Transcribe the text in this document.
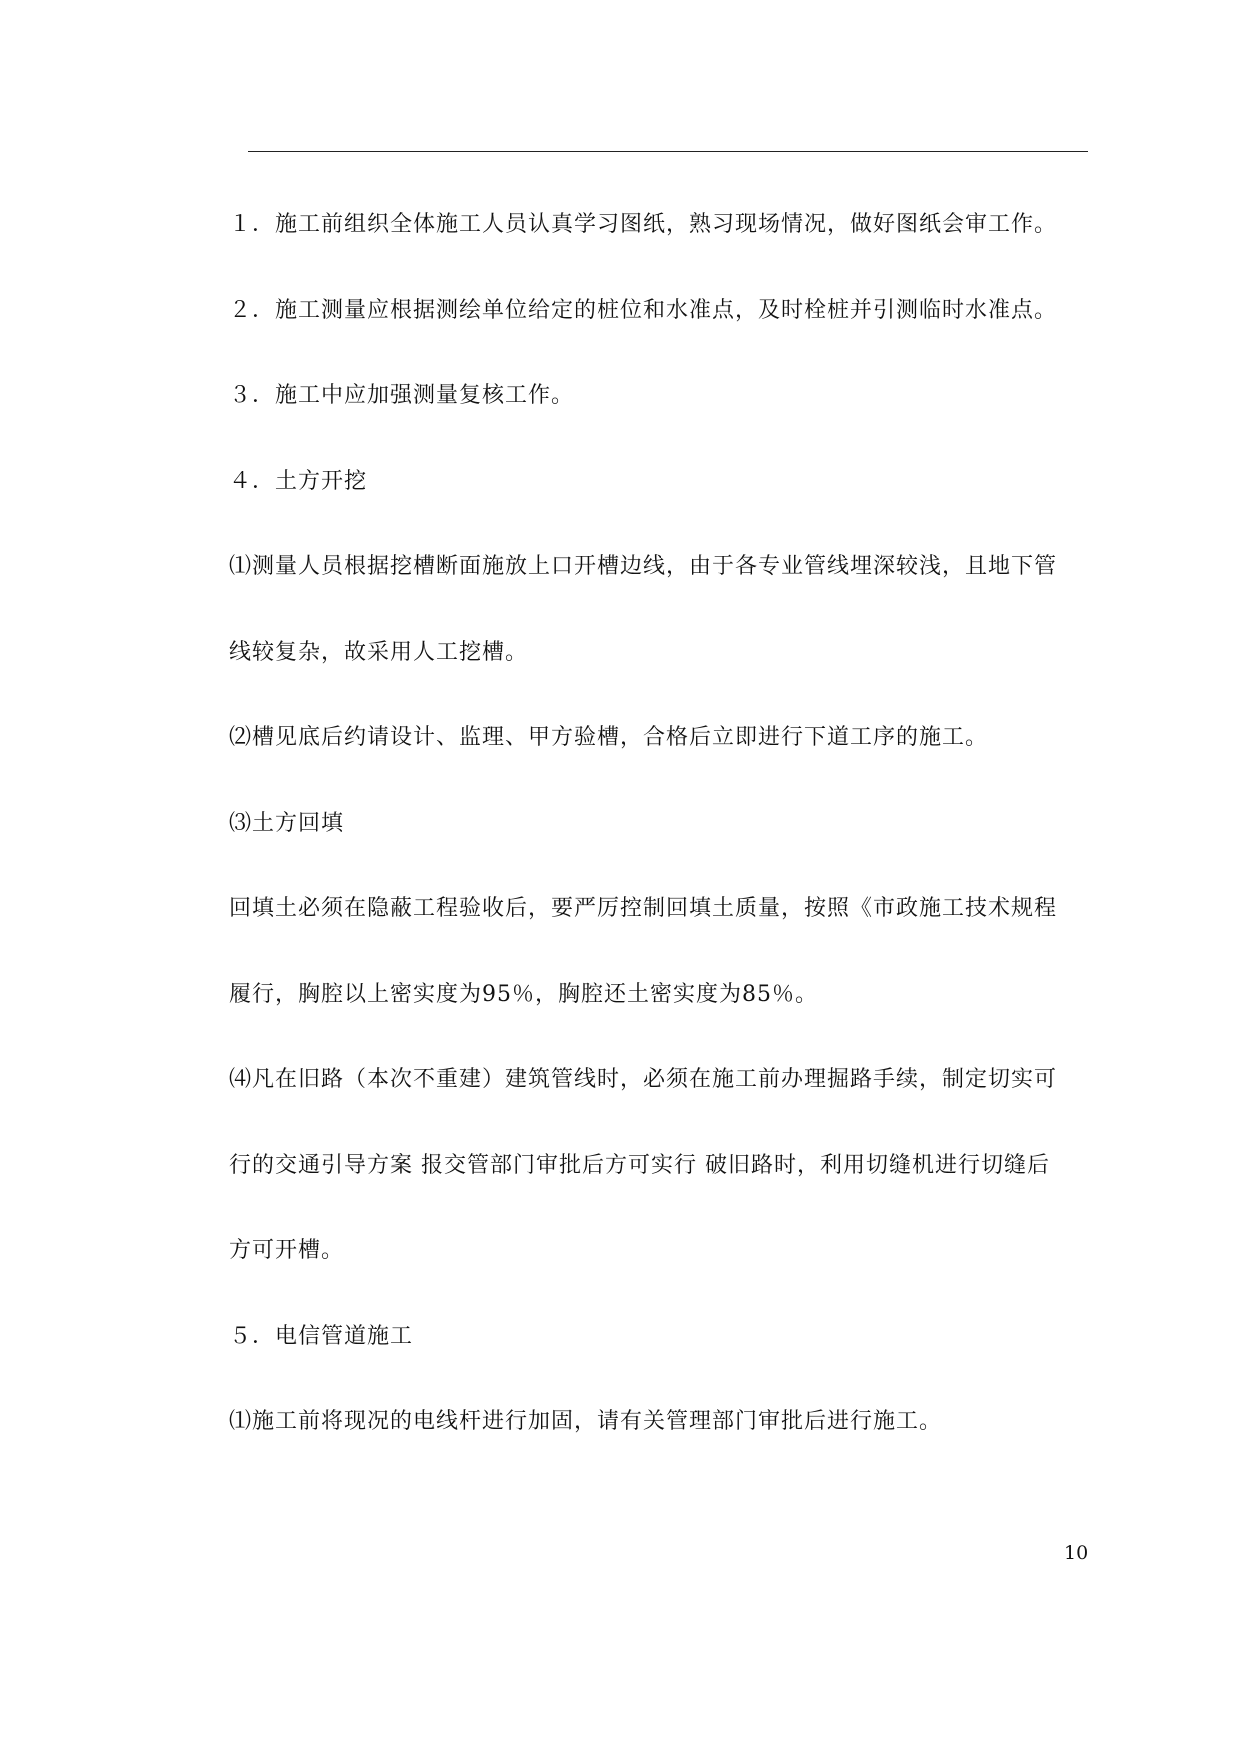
１．施工前组织全体施工人员认真学习图纸，熟习现场情况，做好图纸会审工作。
２．施工测量应根据测绘单位给定的桩位和水准点，及时栓桩并引测临时水准点。
３．施工中应加强测量复核工作。
４．土方开挖
⑴测量人员根据挖槽断面施放上口开槽边线，由于各专业管线埋深较浅，且地下管
线较复杂，故采用人工挖槽。
⑵槽见底后约请设计、监理、甲方验槽，合格后立即进行下道工序的施工。
⑶土方回填
回填土必须在隐蔽工程验收后，要严厉控制回填土质量，按照《市政施工技术规程
履行，胸腔以上密实度为95％，胸腔还土密实度为85％。
⑷凡在旧路（本次不重建）建筑管线时，必须在施工前办理掘路手续，制定切实可
行的交通引导方案 报交管部门审批后方可实行 破旧路时，利用切缝机进行切缝后
方可开槽。
５．电信管道施工
⑴施工前将现况的电线杆进行加固，请有关管理部门审批后进行施工。
10
